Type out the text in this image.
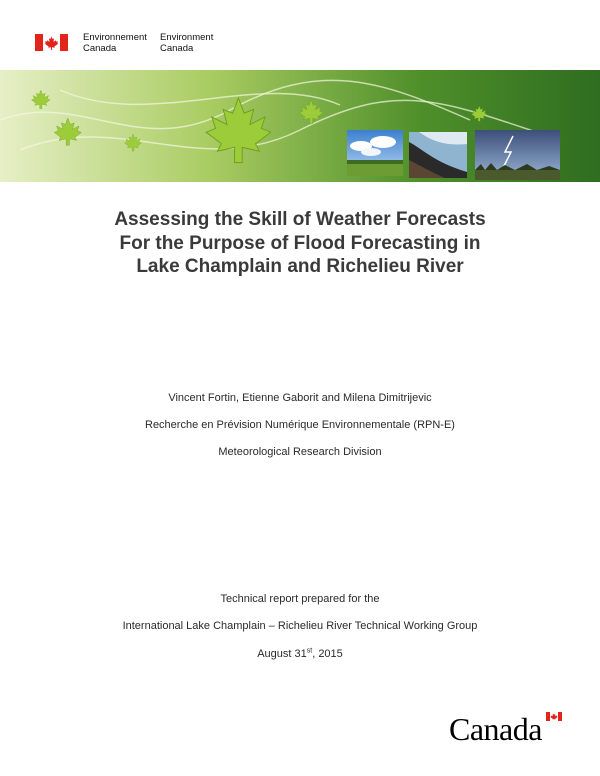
Environnement
Canada
Environment
Canada
Assessing the Skill of Weather Forecasts
For the Purpose of Flood Forecasting in
Lake Champlain and Richelieu River
Vincent Fortin, Etienne Gaborit and Milena Dimitrijevic
Recherche en Prévision Numérique Environnementale (RPN-E)
Meteorological Research Division
Technical report prepared for the
International Lake Champlain – Richelieu River Technical Working Group
August 31st, 2015
Canada
